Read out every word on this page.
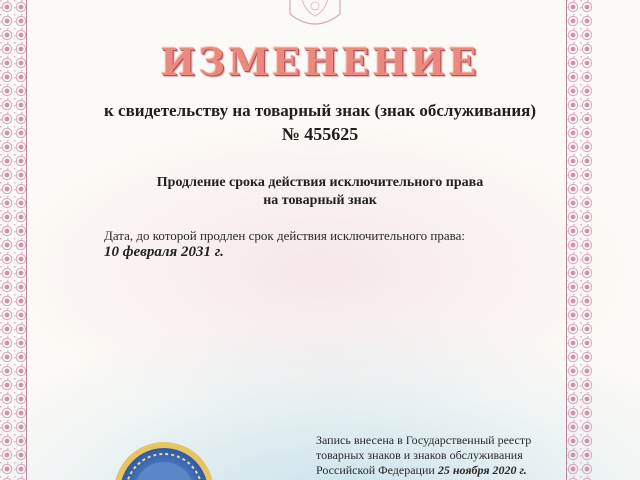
ИЗМЕНЕНИЕ
к свидетельству на товарный знак (знак обслуживания)
№ 455625
Продление срока действия исключительного права
на товарный знак
Дата, до которой продлен срок действия исключительного права:
10 февраля 2031 г.
Запись внесена в Государственный реестр
товарных знаков и знаков обслуживания
Российской Федерации 25 ноября 2020 г.
